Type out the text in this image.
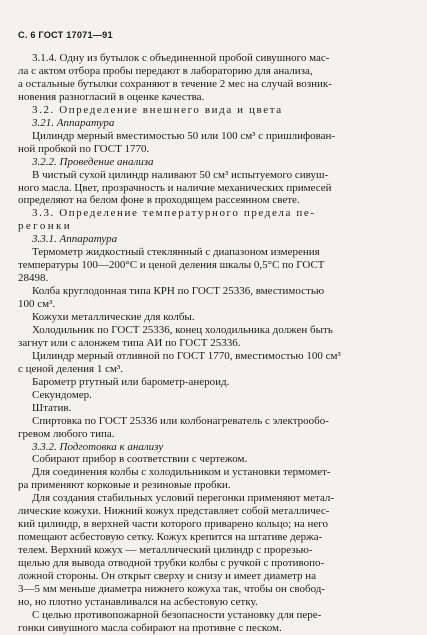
С. 6 ГОСТ 17071—91
3.1.4. Одну из бутылок с объединенной пробой сивушного мас-
ла с актом отбора пробы передают в лабораторию для анализа,
а остальные бутылки сохраняют в течение 2 мес на случай возник-
новения разногласий в оценке качества.
3.2. Определение внешнего вида и цвета
3.21. Аппаратура
Цилиндр мерный вместимостью 50 или 100 см³ с пришлифован-
ной пробкой по ГОСТ 1770.
3.2.2. Проведение анализа
В чистый сухой цилиндр наливают 50 см³ испытуемого сивуш-
ного масла. Цвет, прозрачность и наличие механических примесей
определяют на белом фоне в проходящем рассеянном свете.
3.3. Определение температурного предела пе-
регонки
3.3.1. Аппаратура
Термометр жидкостный стеклянный с диапазоном измерения
температуры 100—200°С и ценой деления шкалы 0,5°С по ГОСТ
28498.
Колба круглодонная типа КРН по ГОСТ 25336, вместимостью
100 см³.
Кожухи металлические для колбы.
Холодильник по ГОСТ 25336, конец холодильника должен быть
загнут или с алонжем типа АИ по ГОСТ 25336.
Цилиндр мерный отливной по ГОСТ 1770, вместимостью 100 см³
с ценой деления 1 см³.
Барометр ртутный или барометр-анероид.
Секундомер.
Штатив.
Спиртовка по ГОСТ 25336 или колбонагреватель с электрообо-
гревом любого типа.
3.3.2. Подготовка к анализу
Собирают прибор в соответствии с чертежом.
Для соединения колбы с холодильником и установки термомет-
ра применяют корковые и резиновые пробки.
Для создания стабильных условий перегонки применяют метал-
лические кожухи. Нижний кожух представляет собой металличес-
кий цилиндр, в верхней части которого приварено кольцо; на него
помещают асбестовую сетку. Кожух крепится на штативе держа-
телем. Верхний кожух — металлический цилиндр с прорезью-
щелью для вывода отводной трубки колбы с ручкой с противопо-
ложной стороны. Он открыт сверху и снизу и имеет диаметр на
3—5 мм меньше диаметра нижнего кожуха так, чтобы он свобод-
но, но плотно устанавливался на асбестовую сетку.
С целью противопожарной безопасности установку для пере-
гонки сивушного масла собирают на противне с песком.
